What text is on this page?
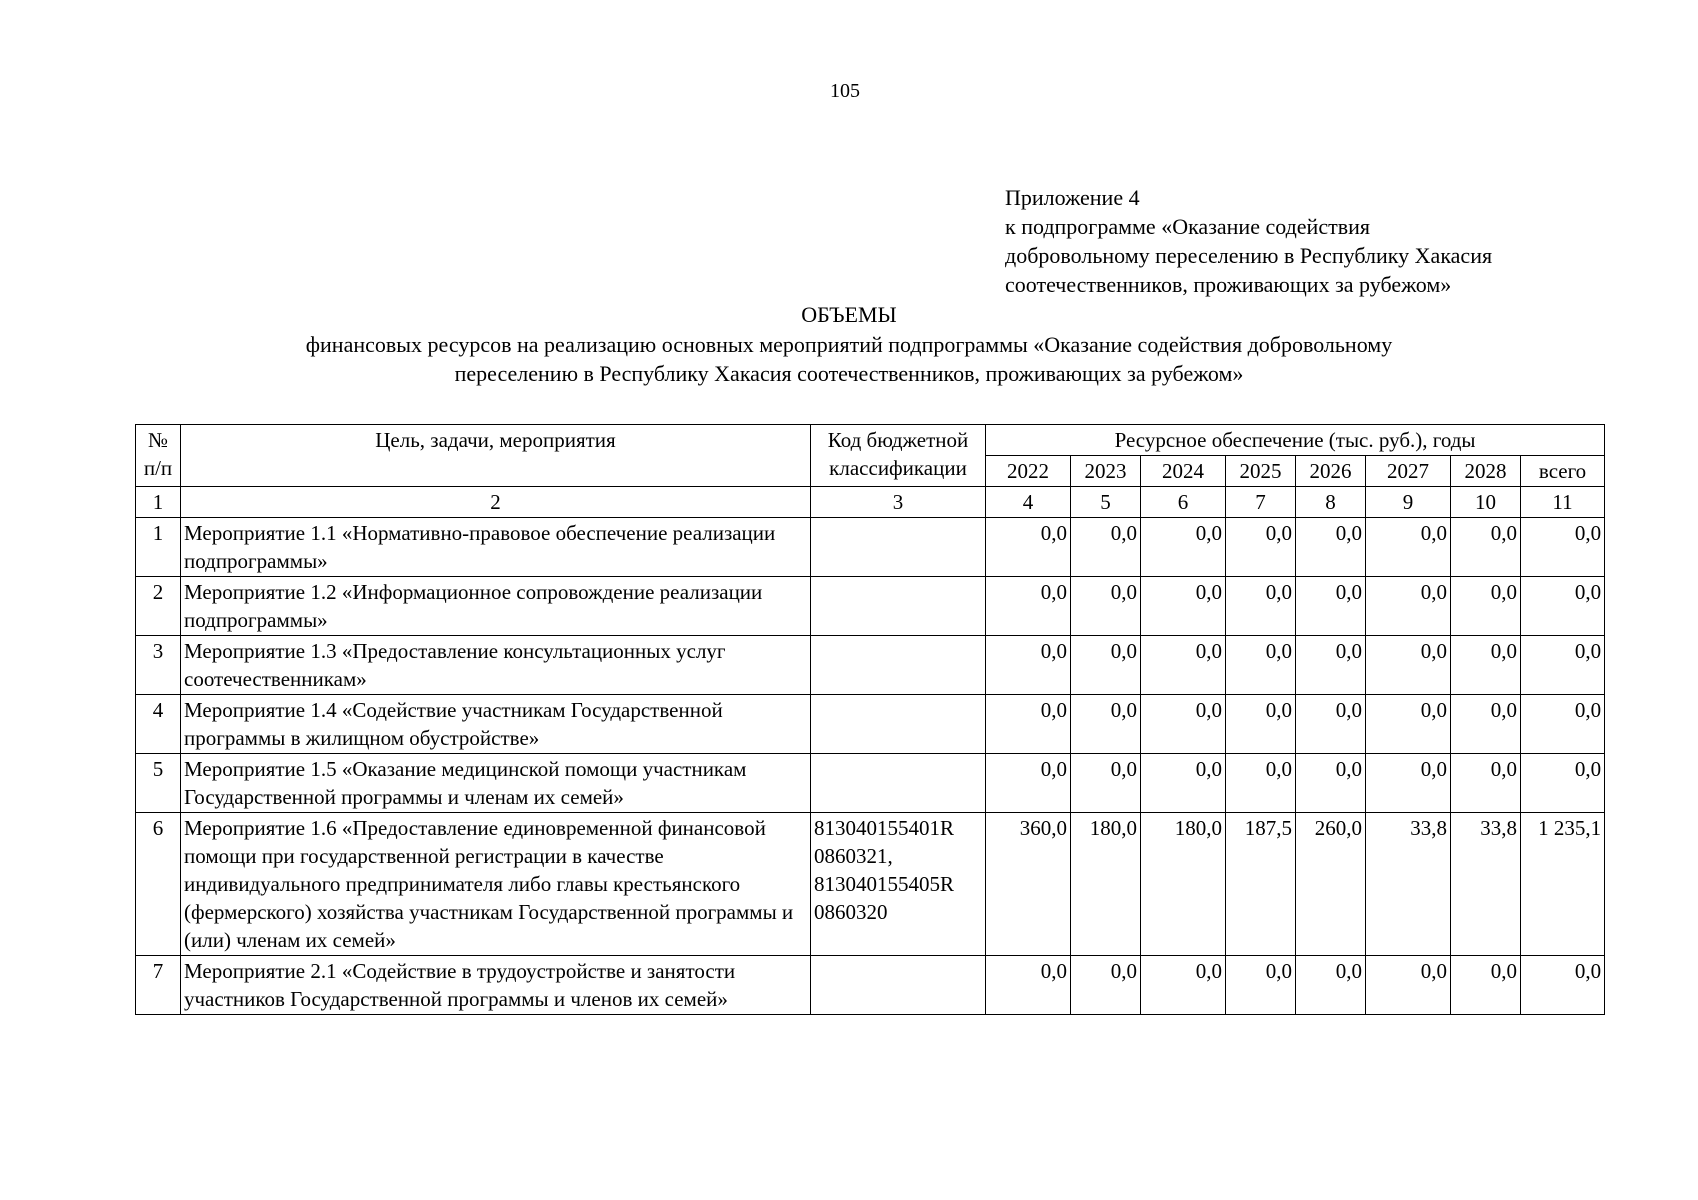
105
Приложение 4
к подпрограмме «Оказание содействия
добровольному переселению в Республику Хакасия
соотечественников, проживающих за рубежом»
ОБЪЕМЫ
финансовых ресурсов на реализацию основных мероприятий подпрограммы «Оказание содействия добровольному
переселению в Республику Хакасия соотечественников, проживающих за рубежом»
№ п/п	Цель, задачи, мероприятия	Код бюджетной классификации	Ресурсное обеспечение (тыс. руб.), годы							
			2022	2023	2024	2025	2026	2027	2028	всего
1	2	3	4	5	6	7	8	9	10	11
1	Мероприятие 1.1 «Нормативно-правовое обеспечение реализации подпрограммы»		0,0	0,0	0,0	0,0	0,0	0,0	0,0	0,0
2	Мероприятие 1.2 «Информационное сопровождение реализации подпрограммы»		0,0	0,0	0,0	0,0	0,0	0,0	0,0	0,0
3	Мероприятие 1.3 «Предоставление консультационных услуг соотечественникам»		0,0	0,0	0,0	0,0	0,0	0,0	0,0	0,0
4	Мероприятие 1.4 «Содействие участникам Государственной программы в жилищном обустройстве»		0,0	0,0	0,0	0,0	0,0	0,0	0,0	0,0
5	Мероприятие 1.5 «Оказание медицинской помощи участникам Государственной программы и членам их семей»		0,0	0,0	0,0	0,0	0,0	0,0	0,0	0,0
6	Мероприятие 1.6 «Предоставление единовременной финансовой помощи при государственной регистрации в качестве индивидуального предпринимателя либо главы крестьянского (фермерского) хозяйства участникам Государственной программы и (или) членам их семей»	813040155401R 0860321, 813040155405R 0860320	360,0	180,0	180,0	187,5	260,0	33,8	33,8	1 235,1
7	Мероприятие 2.1 «Содействие в трудоустройстве и занятости участников Государственной программы и членов их семей»		0,0	0,0	0,0	0,0	0,0	0,0	0,0	0,0
